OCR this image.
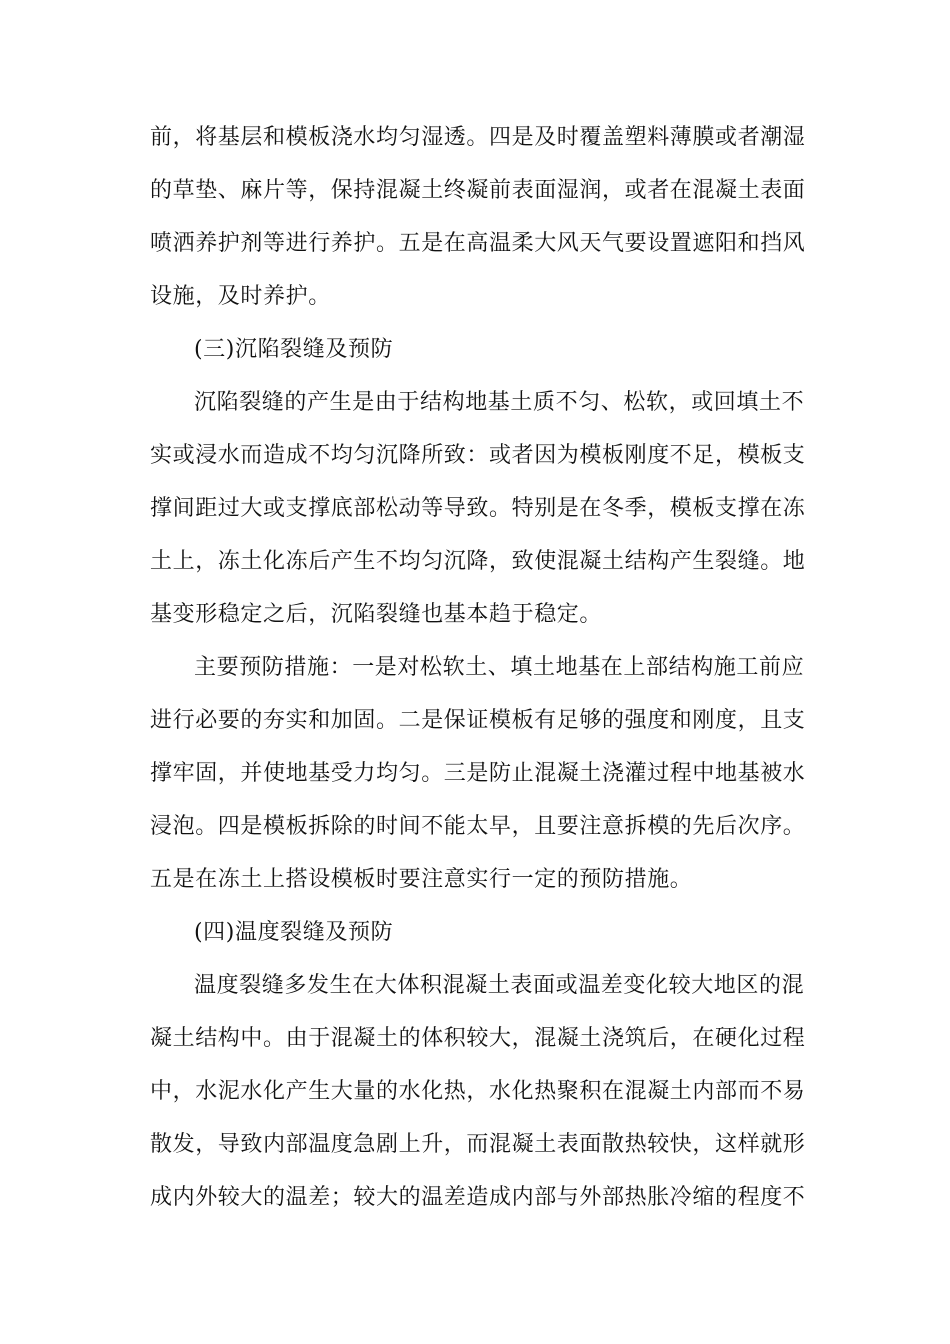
前，将基层和模板浇水均匀湿透。四是及时覆盖塑料薄膜或者潮湿
的草垫、麻片等，保持混凝土终凝前表面湿润，或者在混凝土表面
喷洒养护剂等进行养护。五是在高温柔大风天气要设置遮阳和挡风
设施，及时养护。
(三)沉陷裂缝及预防
沉陷裂缝的产生是由于结构地基土质不匀、松软，或回填土不
实或浸水而造成不均匀沉降所致：或者因为模板刚度不足，模板支
撑间距过大或支撑底部松动等导致。特别是在冬季，模板支撑在冻
土上，冻土化冻后产生不均匀沉降，致使混凝土结构产生裂缝。地
基变形稳定之后，沉陷裂缝也基本趋于稳定。
主要预防措施：一是对松软土、填土地基在上部结构施工前应
进行必要的夯实和加固。二是保证模板有足够的强度和刚度，且支
撑牢固，并使地基受力均匀。三是防止混凝土浇灌过程中地基被水
浸泡。四是模板拆除的时间不能太早，且要注意拆模的先后次序。
五是在冻土上搭设模板时要注意实行一定的预防措施。
(四)温度裂缝及预防
温度裂缝多发生在大体积混凝土表面或温差变化较大地区的混
凝土结构中。由于混凝土的体积较大，混凝土浇筑后，在硬化过程
中，水泥水化产生大量的水化热，水化热聚积在混凝土内部而不易
散发，导致内部温度急剧上升，而混凝土表面散热较快，这样就形
成内外较大的温差；较大的温差造成内部与外部热胀冷缩的程度不
